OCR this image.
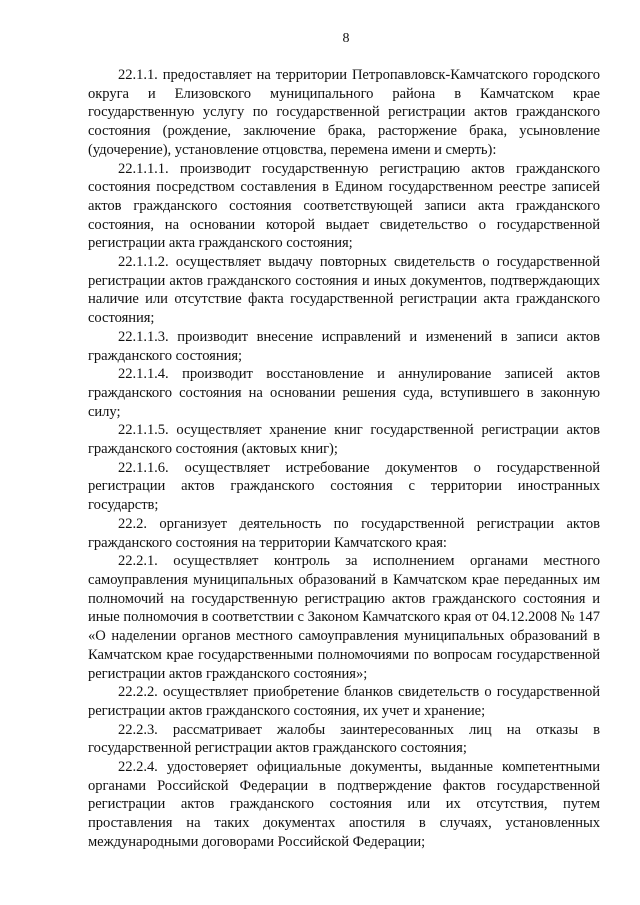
8

22.1.1. предоставляет на территории Петропавловск-Камчатского городского округа и Елизовского муниципального района в Камчатском крае государственную услугу по государственной регистрации актов гражданского состояния (рождение, заключение брака, расторжение брака, усыновление (удочерение), установление отцовства, перемена имени и смерть):

22.1.1.1. производит государственную регистрацию актов гражданского состояния посредством составления в Едином государственном реестре записей актов гражданского состояния соответствующей записи акта гражданского состояния, на основании которой выдает свидетельство о государственной регистрации акта гражданского состояния;

22.1.1.2. осуществляет выдачу повторных свидетельств о государственной регистрации актов гражданского состояния и иных документов, подтверждающих наличие или отсутствие факта государственной регистрации акта гражданского состояния;

22.1.1.3. производит внесение исправлений и изменений в записи актов гражданского состояния;

22.1.1.4. производит восстановление и аннулирование записей актов гражданского состояния на основании решения суда, вступившего в законную силу;

22.1.1.5. осуществляет хранение книг государственной регистрации актов гражданского состояния (актовых книг);

22.1.1.6. осуществляет истребование документов о государственной регистрации актов гражданского состояния с территории иностранных государств;

22.2. организует деятельность по государственной регистрации актов гражданского состояния на территории Камчатского края:

22.2.1. осуществляет контроль за исполнением органами местного самоуправления муниципальных образований в Камчатском крае переданных им полномочий на государственную регистрацию актов гражданского состояния и иные полномочия в соответствии с Законом Камчатского края от 04.12.2008 № 147 «О наделении органов местного самоуправления муниципальных образований в Камчатском крае государственными полномочиями по вопросам государственной регистрации актов гражданского состояния»;

22.2.2. осуществляет приобретение бланков свидетельств о государственной регистрации актов гражданского состояния, их учет и хранение;

22.2.3. рассматривает жалобы заинтересованных лиц на отказы в государственной регистрации актов гражданского состояния;

22.2.4. удостоверяет официальные документы, выданные компетентными органами Российской Федерации в подтверждение фактов государственной регистрации актов гражданского состояния или их отсутствия, путем проставления на таких документах апостиля в случаях, установленных международными договорами Российской Федерации;
